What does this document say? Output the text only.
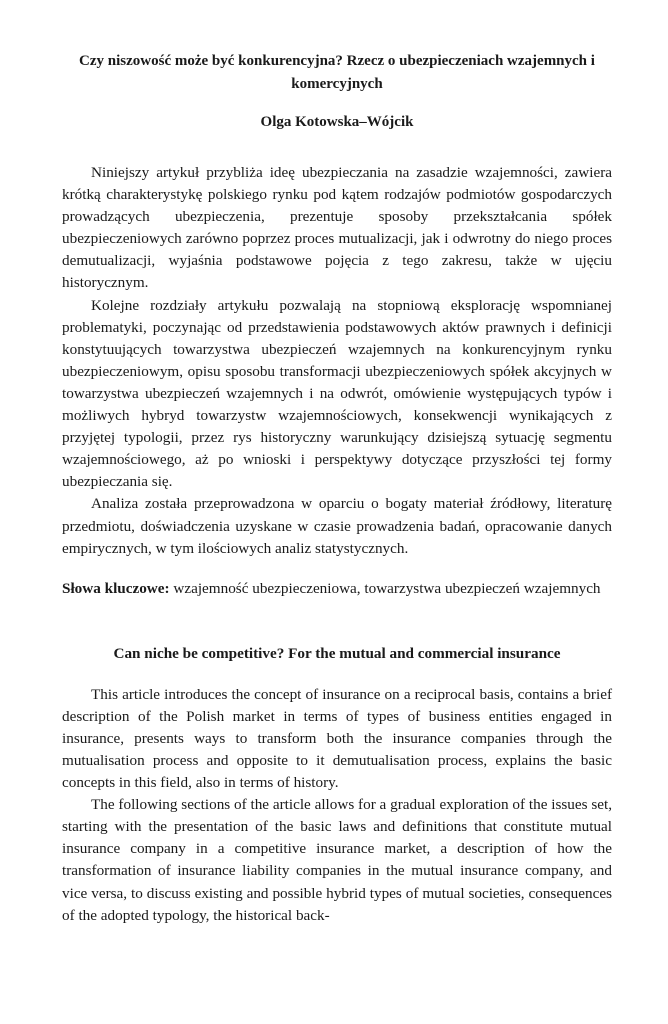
Czy niszowość może być konkurencyjna? Rzecz o ubezpieczeniach wzajemnych i komercyjnych
Olga Kotowska–Wójcik

Niniejszy artykuł przybliża ideę ubezpieczania na zasadzie wzajemności, zawiera krótką charakterystykę polskiego rynku pod kątem rodzajów podmiotów gospodarczych prowadzących ubezpieczenia, prezentuje sposoby przekształcania spółek ubezpieczeniowych zarówno poprzez proces mutualizacji, jak i odwrotny do niego proces demutualizacji, wyjaśnia podstawowe pojęcia z tego zakresu, także w ujęciu historycznym.

Kolejne rozdziały artykułu pozwalają na stopniową eksplorację wspomnianej problematyki, poczynając od przedstawienia podstawowych aktów prawnych i definicji konstytuujących towarzystwa ubezpieczeń wzajemnych na konkurencyjnym rynku ubezpieczeniowym, opisu sposobu transformacji ubezpieczeniowych spółek akcyjnych w towarzystwa ubezpieczeń wzajemnych i na odwrót, omówienie występujących typów i możliwych hybryd towarzystw wzajemnościowych, konsekwencji wynikających z przyjętej typologii, przez rys historyczny warunkujący dzisiejszą sytuację segmentu wzajemnościowego, aż po wnioski i perspektywy dotyczące przyszłości tej formy ubezpieczania się.

Analiza została przeprowadzona w oparciu o bogaty materiał źródłowy, literaturę przedmiotu, doświadczenia uzyskane w czasie prowadzenia badań, opracowanie danych empirycznych, w tym ilościowych analiz statystycznych.

Słowa kluczowe: wzajemność ubezpieczeniowa, towarzystwa ubezpieczeń wzajemnych

Can niche be competitive? For the mutual and commercial insurance

This article introduces the concept of insurance on a reciprocal basis, contains a brief description of the Polish market in terms of types of business entities engaged in insurance, presents ways to transform both the insurance companies through the mutualisation process and opposite to it demutualisation process, explains the basic concepts in this field, also in terms of history.

The following sections of the article allows for a gradual exploration of the issues set, starting with the presentation of the basic laws and definitions that constitute mutual insurance company in a competitive insurance market, a description of how the transformation of insurance liability companies in the mutual insurance company, and vice versa, to discuss existing and possible hybrid types of mutual societies, consequences of the adopted typology, the historical back-
